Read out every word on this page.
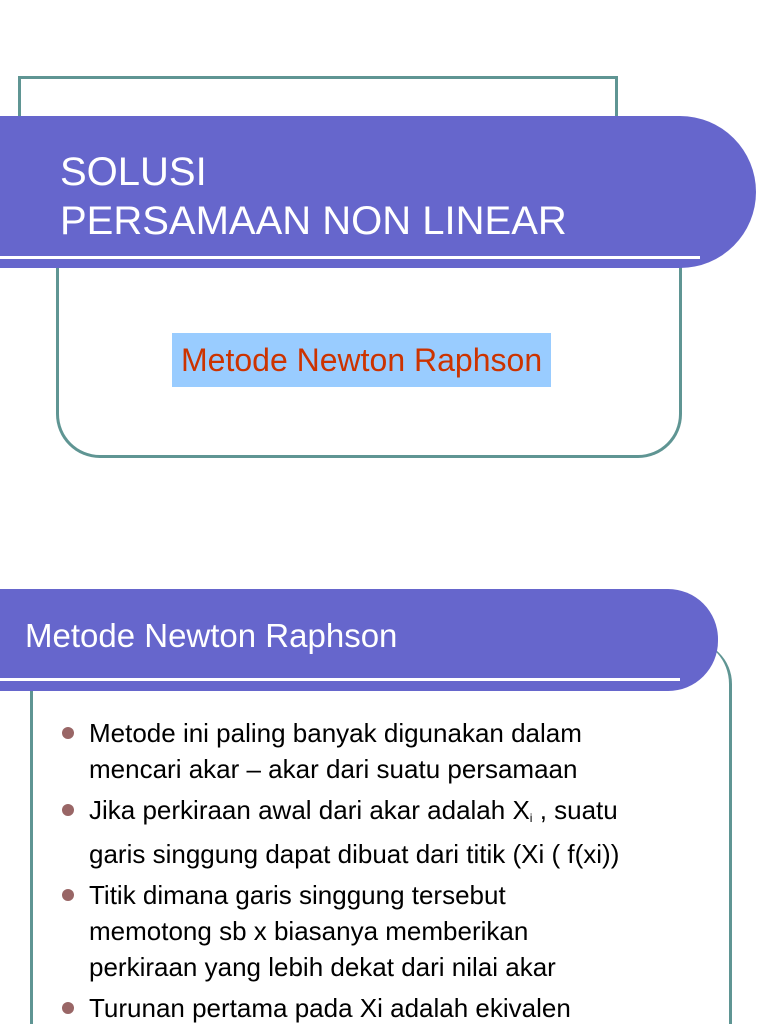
SOLUSI
PERSAMAAN NON LINEAR
Metode Newton Raphson
Metode Newton Raphson
Metode ini paling banyak digunakan dalam
mencari akar – akar dari suatu persamaan
Jika perkiraan awal dari akar adalah $X_i$ , suatu
garis singgung dapat dibuat dari titik (Xi ( f(xi))
Titik dimana garis singgung tersebut
memotong sb x biasanya memberikan
perkiraan yang lebih dekat dari nilai akar
Turunan pertama pada Xi adalah ekivalen
